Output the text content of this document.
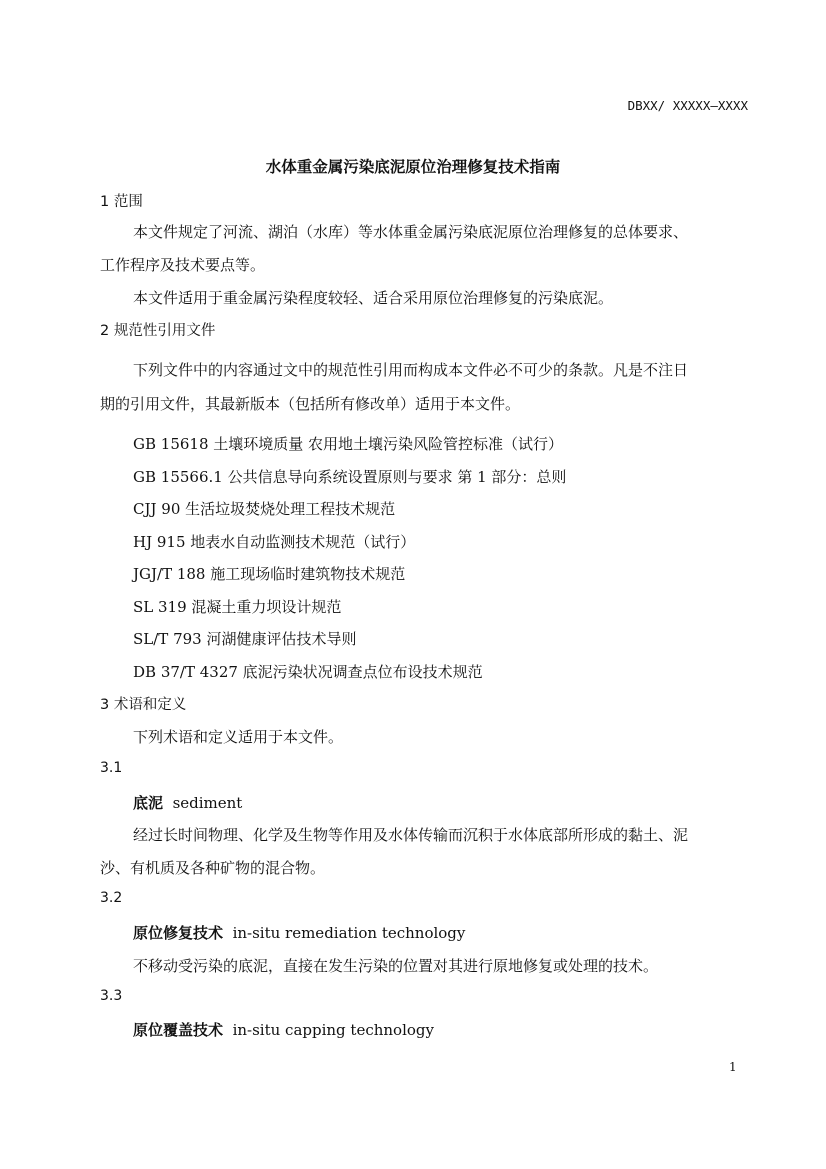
DBXX/ XXXXX—XXXX
水体重金属污染底泥原位治理修复技术指南
1 范围
本文件规定了河流、湖泊（水库）等水体重金属污染底泥原位治理修复的总体要求、
工作程序及技术要点等。
本文件适用于重金属污染程度较轻、适合采用原位治理修复的污染底泥。
2 规范性引用文件
下列文件中的内容通过文中的规范性引用而构成本文件必不可少的条款。凡是不注日
期的引用文件，其最新版本（包括所有修改单）适用于本文件。
GB 15618 土壤环境质量 农用地土壤污染风险管控标准（试行）
GB 15566.1 公共信息导向系统设置原则与要求 第 1 部分：总则
CJJ 90 生活垃圾焚烧处理工程技术规范
HJ 915 地表水自动监测技术规范（试行）
JGJ/T 188 施工现场临时建筑物技术规范
SL 319 混凝土重力坝设计规范
SL/T 793 河湖健康评估技术导则
DB 37/T 4327 底泥污染状况调查点位布设技术规范
3 术语和定义
下列术语和定义适用于本文件。
3.1
底泥 sediment
经过长时间物理、化学及生物等作用及水体传输而沉积于水体底部所形成的黏土、泥
沙、有机质及各种矿物的混合物。
3.2
原位修复技术 in-situ remediation technology
不移动受污染的底泥，直接在发生污染的位置对其进行原地修复或处理的技术。
3.3
原位覆盖技术 in-situ capping technology
1
